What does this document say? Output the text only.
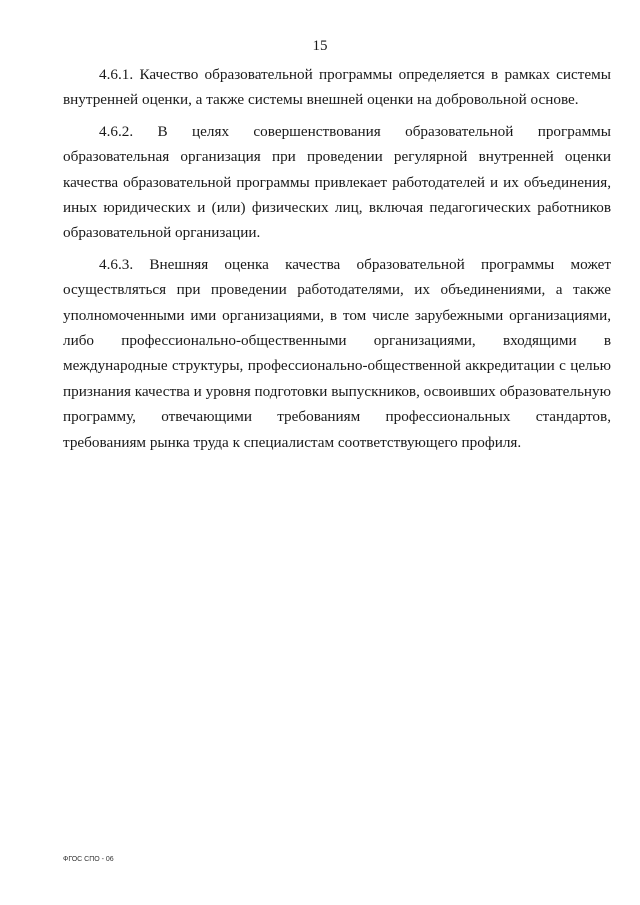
15

4.6.1. Качество образовательной программы определяется в рамках системы внутренней оценки, а также системы внешней оценки на добровольной основе.

4.6.2. В целях совершенствования образовательной программы образовательная организация при проведении регулярной внутренней оценки качества образовательной программы привлекает работодателей и их объединения, иных юридических и (или) физических лиц, включая педагогических работников образовательной организации.

4.6.3. Внешняя оценка качества образовательной программы может осуществляться при проведении работодателями, их объединениями, а также уполномоченными ими организациями, в том числе зарубежными организациями, либо профессионально-общественными организациями, входящими в международные структуры, профессионально-общественной аккредитации с целью признания качества и уровня подготовки выпускников, освоивших образовательную программу, отвечающими требованиям профессиональных стандартов, требованиям рынка труда к специалистам соответствующего профиля.

ФГОС СПО - 06
